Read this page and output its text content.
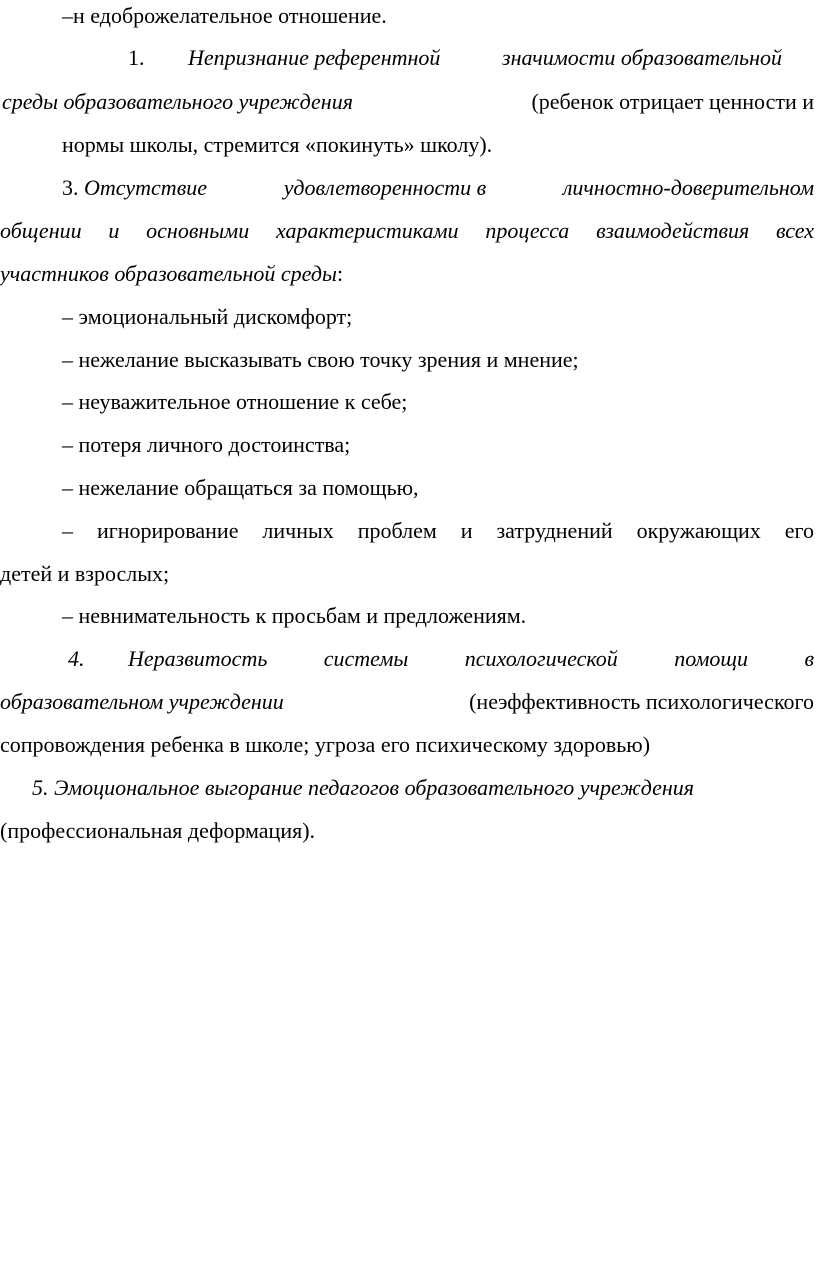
–н едоброжелательное отношение.
1. Непризнание референтной	значимости образовательной
среды образовательного учреждения	(ребенок отрицает ценности и
нормы школы, стремится «покинуть» школу).
3. Отсутствие	удовлетворенности в	личностно-доверительном
общении и основными характеристиками процесса взаимодействия всех
участников образовательной среды:
– эмоциональный дискомфорт;
– нежелание высказывать свою точку зрения и мнение;
– неуважительное отношение к себе;
– потеря личного достоинства;
– нежелание обращаться за помощью,
– игнорирование личных проблем и затруднений окружающих его
детей и взрослых;
– невнимательность к просьбам и предложениям.
4. Неразвитость системы психологической помощи в
образовательном учреждении	(неэффективность психологического
сопровождения ребенка в школе; угроза его психическому здоровью)
5. Эмоциональное выгорание педагогов образовательного учреждения
(профессиональная деформация).
